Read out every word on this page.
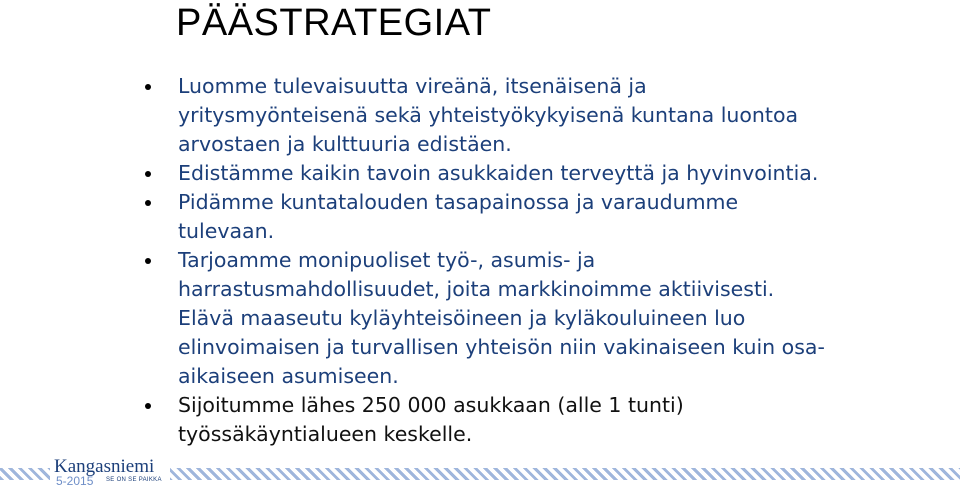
PÄÄSTRATEGIAT
Luomme tulevaisuutta vireänä, itsenäisenä ja
yritysmyönteisenä sekä yhteistyökykyisenä kuntana luontoa
arvostaen ja kulttuuria edistäen.
Edistämme kaikin tavoin asukkaiden terveyttä ja hyvinvointia.
Pidämme kuntatalouden tasapainossa ja varaudumme
tulevaan.
Tarjoamme monipuoliset työ-, asumis- ja
harrastusmahdollisuudet, joita markkinoimme aktiivisesti.
Elävä maaseutu kyläyhteisöineen ja kyläkouluineen luo
elinvoimaisen ja turvallisen yhteisön niin vakinaiseen kuin osa-
aikaiseen asumiseen.
Sijoitumme lähes 250 000 asukkaan (alle 1 tunti)
työssäkäyntialueen keskelle.
Kangasniemi
5-2015 SE ON SE PAIKKA
